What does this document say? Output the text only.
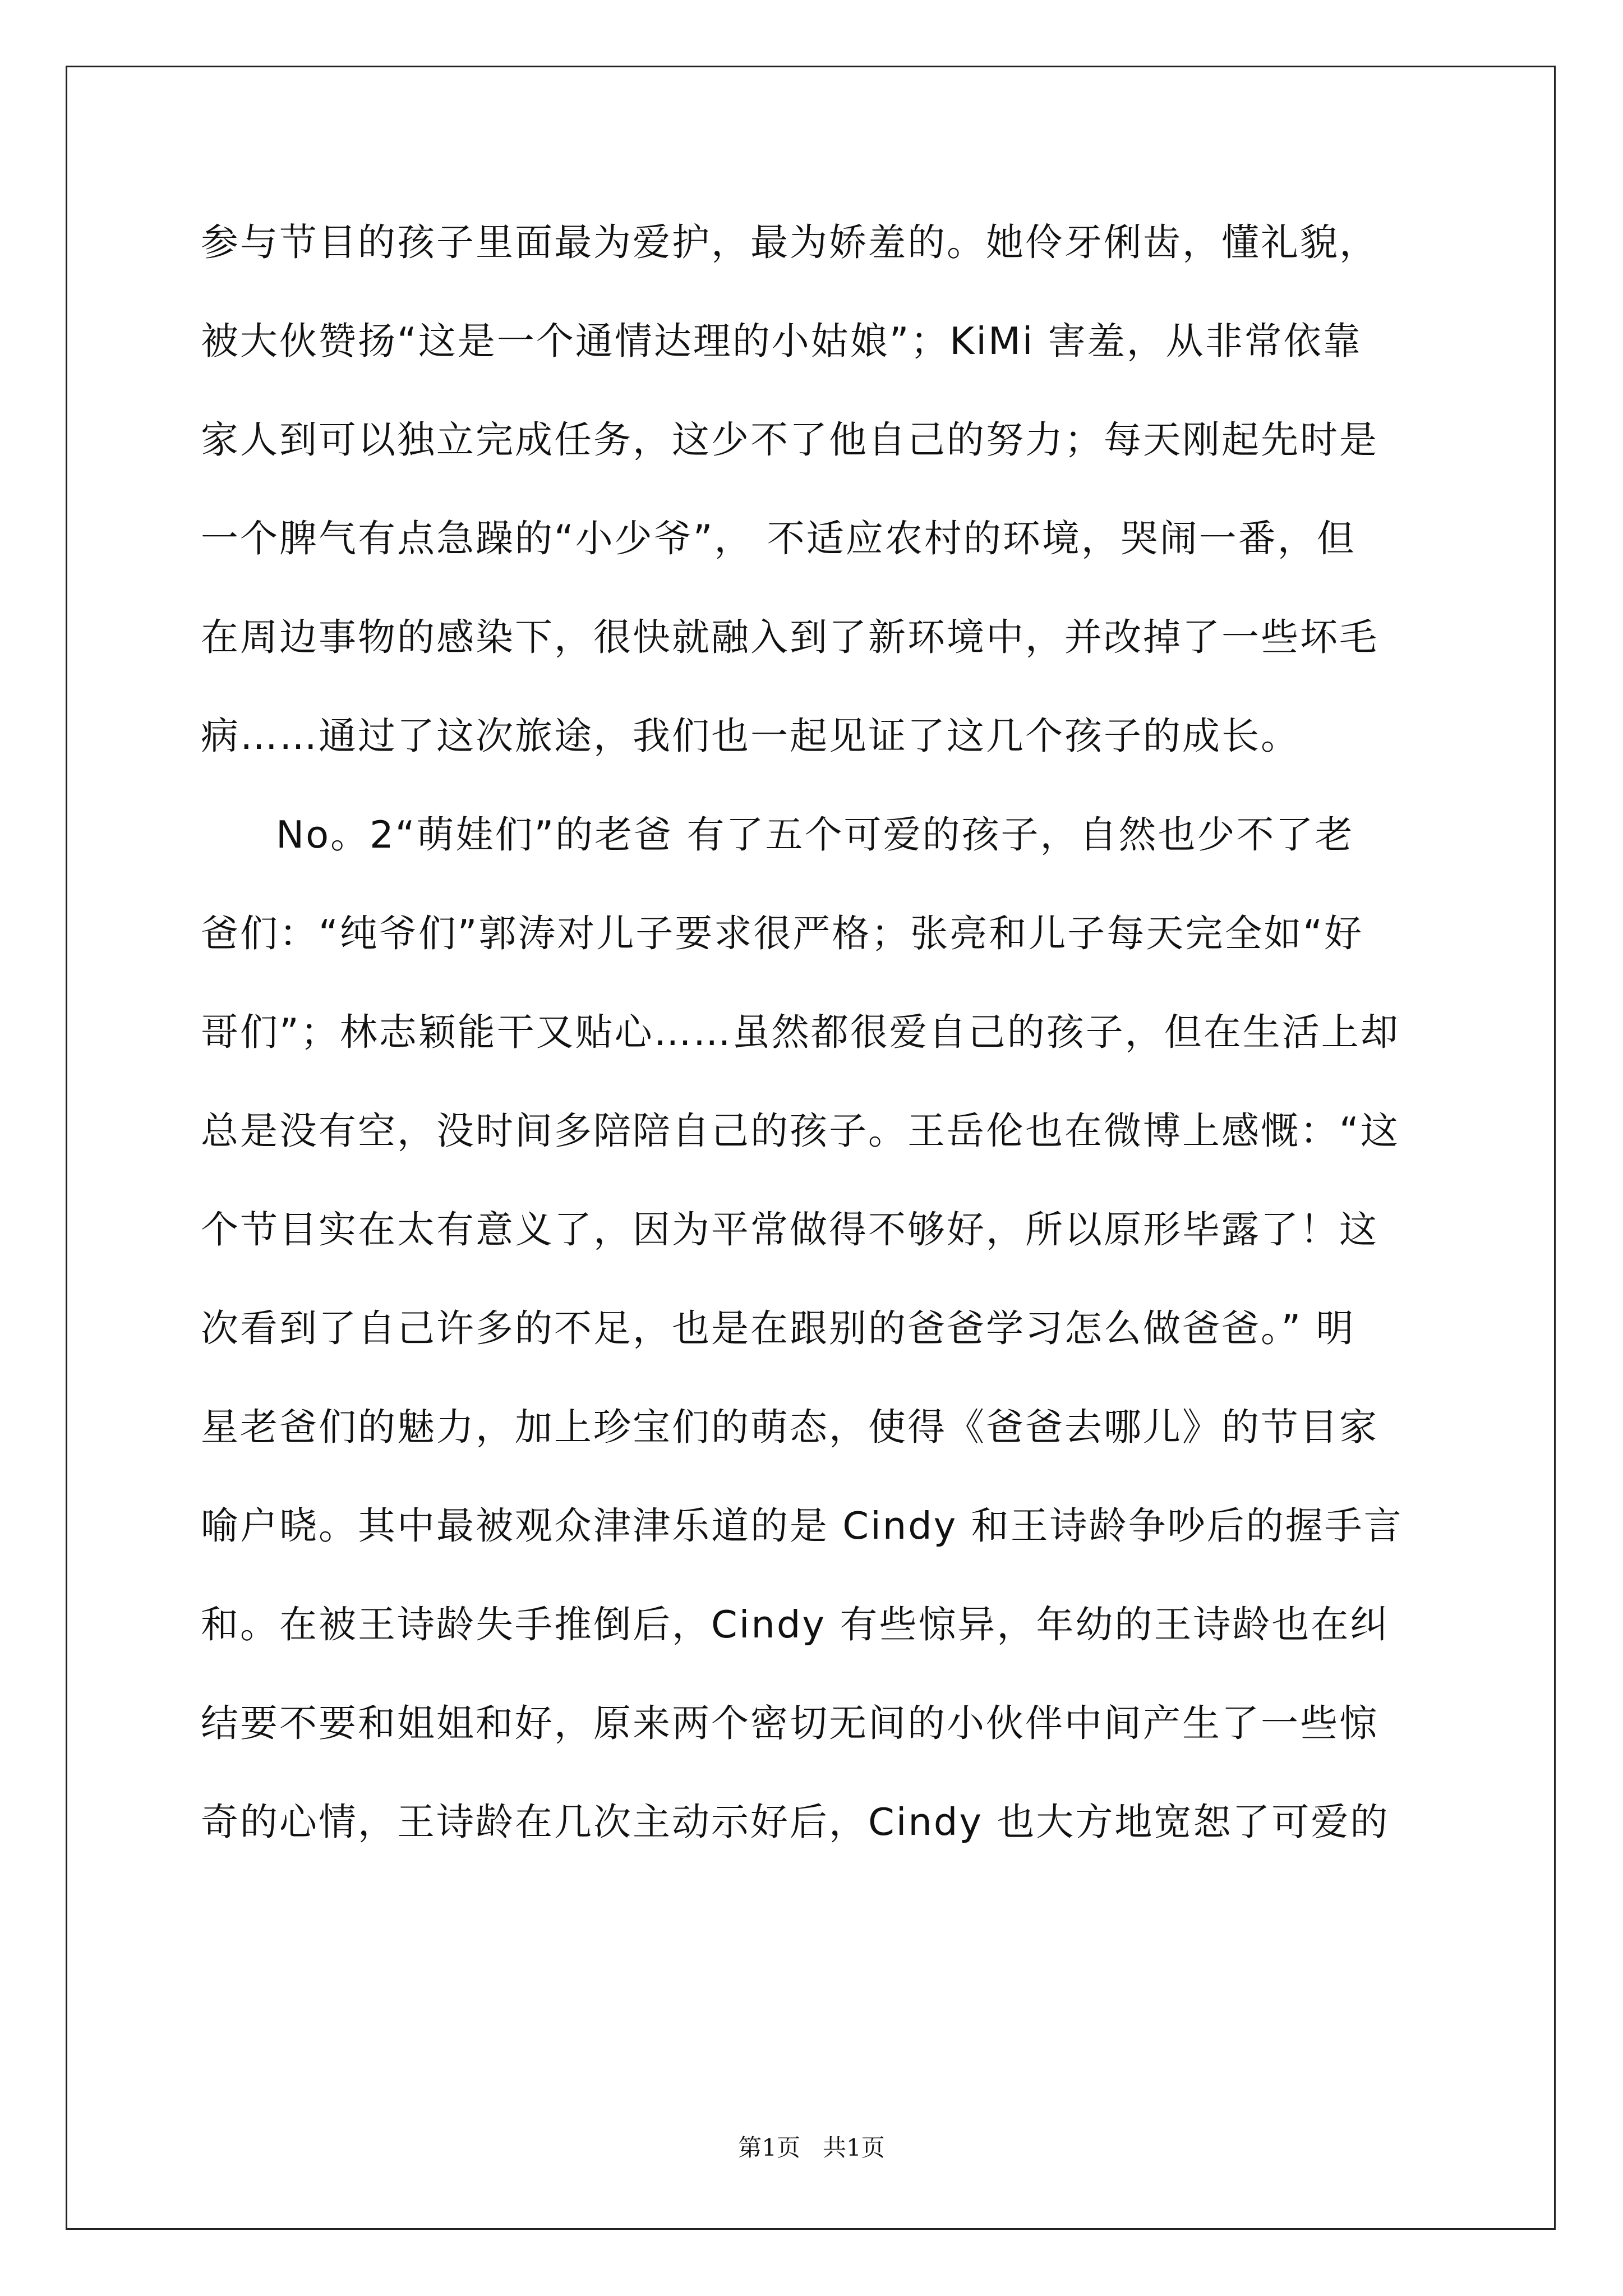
参与节目的孩子里面最为爱护，最为娇羞的。她伶牙俐齿，懂礼貌，
被大伙赞扬“这是一个通情达理的小姑娘”；KiMi 害羞，从非常依靠
家人到可以独立完成任务，这少不了他自己的努力；每天刚起先时是
一个脾气有点急躁的“小少爷”， 不适应农村的环境，哭闹一番，但
在周边事物的感染下，很快就融入到了新环境中，并改掉了一些坏毛
病……通过了这次旅途，我们也一起见证了这几个孩子的成长。
No。2“萌娃们”的老爸 有了五个可爱的孩子，自然也少不了老
爸们：“纯爷们”郭涛对儿子要求很严格；张亮和儿子每天完全如“好
哥们”；林志颖能干又贴心……虽然都很爱自己的孩子，但在生活上却
总是没有空，没时间多陪陪自己的孩子。王岳伦也在微博上感慨：“这
个节目实在太有意义了，因为平常做得不够好，所以原形毕露了！这
次看到了自己许多的不足，也是在跟别的爸爸学习怎么做爸爸。” 明
星老爸们的魅力，加上珍宝们的萌态，使得《爸爸去哪儿》的节目家
喻户晓。其中最被观众津津乐道的是 Cindy 和王诗龄争吵后的握手言
和。在被王诗龄失手推倒后，Cindy 有些惊异，年幼的王诗龄也在纠
结要不要和姐姐和好，原来两个密切无间的小伙伴中间产生了一些惊
奇的心情，王诗龄在几次主动示好后，Cindy 也大方地宽恕了可爱的
第1页 共1页
